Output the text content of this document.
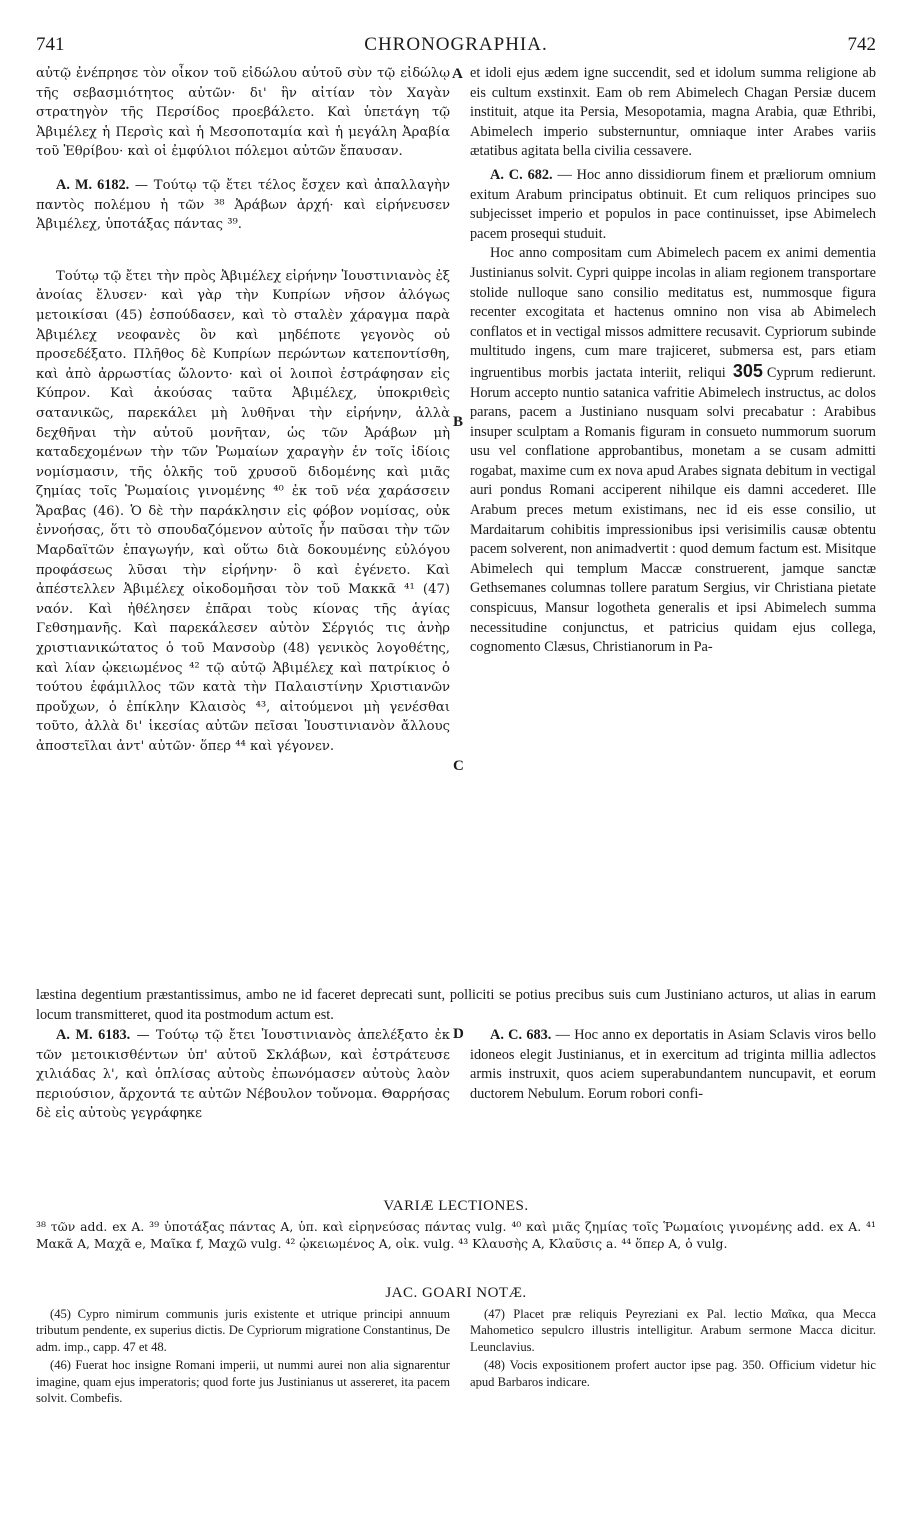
741	CHRONOGRAPHIA.	742

αὐτῷ ἐνέπρησε τὸν οἶκον τοῦ εἰδώλου αὐτοῦ σὺν τῷ εἰδώλῳ τῆς σεβασμιότητος αὐτῶν· δι' ἣν αἰτίαν τὸν Χαγὰν στρατηγὸν τῆς Περσίδος προεβάλετο. Καὶ ὑπετάγη τῷ Ἀβιμέλεχ ἡ Περσὶς καὶ ἡ Μεσοποταμία καὶ ἡ μεγάλη Ἀραβία τοῦ Ἐθρίβου· καὶ οἱ ἐμφύλιοι πόλεμοι αὐτῶν ἔπαυσαν.

A. M. 6182. — Τούτῳ τῷ ἔτει τέλος ἔσχεν καὶ ἀπαλλαγὴν παντὸς πολέμου ἡ τῶν ³⁸ Ἀράβων ἀρχή· καὶ εἰρήνευσεν Ἀβιμέλεχ, ὑποτάξας πάντας ³⁹.

Τούτῳ τῷ ἔτει τὴν πρὸς Ἀβιμέλεχ εἰρήνην Ἰουστινιανὸς ἐξ ἀνοίας ἔλυσεν· καὶ γὰρ τὴν Κυπρίων νῆσον ἀλόγως μετοικίσαι (45) ἐσπούδασεν, καὶ τὸ σταλὲν χάραγμα παρὰ Ἀβιμέλεχ νεοφανὲς ὂν καὶ μηδέποτε γεγονὸς οὐ προσεδέξατο. Πλῆθος δὲ Κυπρίων περώντων κατεποντίσθη, καὶ ἀπὸ ἀρρωστίας ὤλοντο· καὶ οἱ λοιποὶ ἐστράφησαν εἰς Κύπρον. Καὶ ἀκούσας ταῦτα Ἀβιμέλεχ, ὑποκριθεὶς σατανικῶς, παρεκάλει μὴ λυθῆναι τὴν εἰρήνην, ἀλλὰ δεχθῆναι τὴν αὐτοῦ μονῆταν, ὡς τῶν Ἀράβων μὴ καταδεχομένων τὴν τῶν Ῥωμαίων χαραγὴν ἐν τοῖς ἰδίοις νομίσμασιν, τῆς ὁλκῆς τοῦ χρυσοῦ διδομένης καὶ μιᾶς ζημίας τοῖς Ῥωμαίοις γινομένης ⁴⁰ ἐκ τοῦ νέα χαράσσειν Ἄραβας (46). Ὁ δὲ τὴν παράκλησιν εἰς φόβον νομίσας, οὐκ ἐννοήσας, ὅτι τὸ σπουδαζόμενον αὐτοῖς ἦν παῦσαι τὴν τῶν Μαρδαϊτῶν ἐπαγωγήν, καὶ οὕτω διὰ δοκουμένης εὐλόγου προφάσεως λῦσαι τὴν εἰρήνην· ὃ καὶ ἐγένετο. Καὶ ἀπέστελλεν Ἀβιμέλεχ οἰκοδομῆσαι τὸν τοῦ Μακκᾶ ⁴¹ (47) ναόν. Καὶ ἠθέλησεν ἐπᾶραι τοὺς κίονας τῆς ἁγίας Γεθσημανῆς. Καὶ παρεκάλεσεν αὐτὸν Σέργιός τις ἀνὴρ χριστιανικώτατος ὁ τοῦ Μανσοὺρ (48) γενικὸς λογοθέτης, καὶ λίαν ᾠκειωμένος ⁴² τῷ αὐτῷ Ἀβιμέλεχ καὶ πατρίκιος ὁ τούτου ἐφάμιλλος τῶν κατὰ τὴν Παλαιστίνην Χριστιανῶν προὔχων, ὁ ἐπίκλην Κλαισὸς ⁴³, αἰτούμενοι μὴ γενέσθαι τοῦτο, ἀλλὰ δι' ἱκεσίας αὐτῶν πεῖσαι Ἰουστινιανὸν ἄλλους ἀποστεῖλαι ἀντ' αὐτῶν· ὅπερ ⁴⁴ καὶ γέγονεν.

et idoli ejus ædem igne succendit, sed et idolum summa religione ab eis cultum exstinxit. Eam ob rem Abimelech Chagan Persiæ ducem instituit, atque ita Persia, Mesopotamia, magna Arabia, quæ Ethribi, Abimelech imperio substernuntur, omniaque inter Arabes variis ætatibus agitata bella civilia cessavere.

A. C. 682. — Hoc anno dissidiorum finem et præliorum omnium exitum Arabum principatus obtinuit. Et cum reliquos principes suo subjecisset imperio et populos in pace continuisset, ipse Abimelech pacem prosequi studuit.

Hoc anno compositam cum Abimelech pacem ex animi dementia Justinianus solvit. Cypri quippe incolas in aliam regionem transportare stolide nulloque sano consilio meditatus est, nummosque figura recenter excogitata et hactenus omnino non visa ab Abimelech conflatos et in vectigal missos admittere recusavit. Cypriorum subinde multitudo ingens, cum mare trajiceret, submersa est, pars etiam ingruentibus morbis jactata interiit, reliqui 305 Cyprum redierunt. Horum accepto nuntio satanica vafritie Abimelech instructus, ac dolos parans, pacem a Justiniano nusquam solvi precabatur : Arabibus insuper sculptam a Romanis figuram in consueto nummorum suorum usu vel conflatione approbantibus, monetam a se cusam admitti rogabat, maxime cum ex nova apud Arabes signata debitum in vectigal auri pondus Romani acciperent nihilque eis damni accederet. Ille Arabum preces metum existimans, nec id eis esse consilio, ut Mardaitarum cohibitis impressionibus ipsi verisimilis causæ obtentu pacem solverent, non animadvertit : quod demum factum est. Misitque Abimelech qui templum Maccæ construerent, jamque sanctæ Gethsemanes columnas tollere paratum Sergius, vir Christiana pietate conspicuus, Mansur logotheta generalis et ipsi Abimelech summa necessitudine conjunctus, et patricius quidam ejus collega, cognomento Clæsus, Christianorum in Pa-

A
B
C
D
læstina degentium præstantissimus, ambo ne id faceret deprecati sunt, polliciti se potius precibus suis cum Justiniano acturos, ut alias in earum locum transmitteret, quod ita postmodum actum est.

A. M. 6183. — Τούτῳ τῷ ἔτει Ἰουστινιανὸς ἀπελέξατο ἐκ τῶν μετοικισθέντων ὑπ' αὐτοῦ Σκλάβων, καὶ ἐστράτευσε χιλιάδας λ', καὶ ὁπλίσας αὐτοὺς ἐπωνόμασεν αὐτοὺς λαὸν περιούσιον, ἄρχοντά τε αὐτῶν Νέβουλον τοὔνομα. Θαρρήσας δὲ εἰς αὐτοὺς γεγράφηκε

A. C. 683. — Hoc anno ex deportatis in Asiam Sclavis viros bello idoneos elegit Justinianus, et in exercitum ad triginta millia adlectos armis instruxit, quos aciem superabundantem nuncupavit, et eorum ductorem Nebulum. Eorum robori confi-

VARIÆ LECTIONES.
³⁸ τῶν add. ex A. ³⁹ ὑποτάξας πάντας A, ὑπ. καὶ εἰρηνεύσας πάντας vulg. ⁴⁰ καὶ μιᾶς ζημίας τοῖς Ῥωμαίοις γινομένης add. ex A. ⁴¹ Μακᾶ A, Μαχᾶ e, Μαῖκα f, Μαχῶ vulg. ⁴² ᾠκειωμένος A, οἰκ. vulg. ⁴³ Κλαυσὴς A, Κλαῦσις a. ⁴⁴ ὅπερ A, ὁ vulg.
JAC. GOARI NOTÆ.

(45) Cypro nimirum communis juris existente et utrique principi annuum tributum pendente, ex superius dictis. De Cypriorum migratione Constantinus, De adm. imp., capp. 47 et 48.

(46) Fuerat hoc insigne Romani imperii, ut nummi aurei non alia signarentur imagine, quam ejus imperatoris; quod forte jus Justinianus ut assereret, ita pacem solvit. Combefis.

(47) Placet præ reliquis Peyreziani ex Pal. lectio Μαῖκα, qua Mecca Mahometico sepulcro illustris intelligitur. Arabum sermone Macca dicitur. Leunclavius.

(48) Vocis expositionem profert auctor ipse pag. 350. Officium videtur hic apud Barbaros indicare.
